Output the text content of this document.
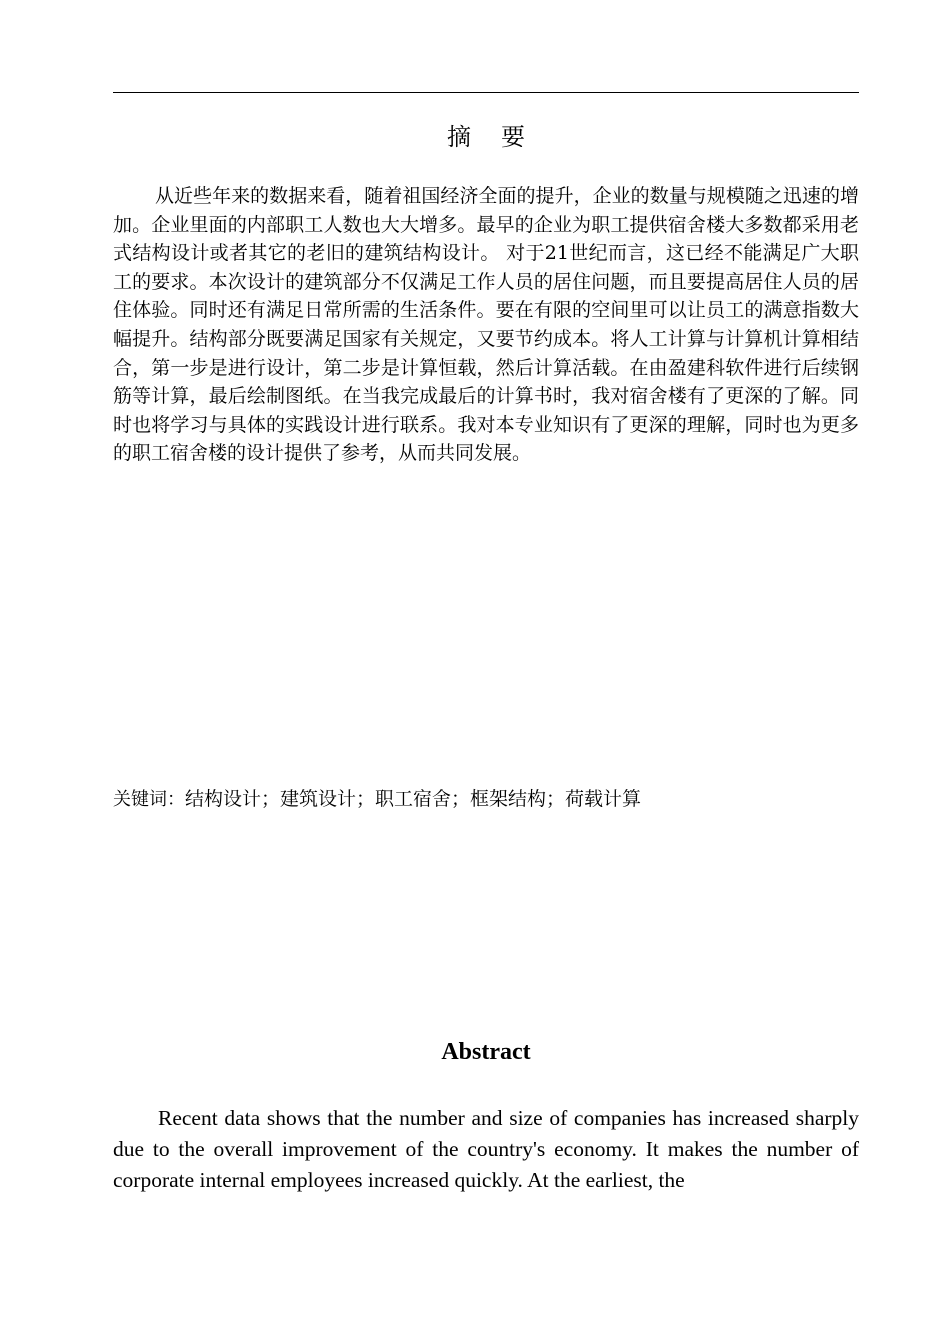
摘 要

从近些年来的数据来看，随着祖国经济全面的提升，企业的数量与规模随之迅速的增加。企业里面的内部职工人数也大大增多。最早的企业为职工提供宿舍楼大多数都采用老式结构设计或者其它的老旧的建筑结构设计。 对于21世纪而言，这已经不能满足广大职工的要求。本次设计的建筑部分不仅满足工作人员的居住问题，而且要提高居住人员的居住体验。同时还有满足日常所需的生活条件。要在有限的空间里可以让员工的满意指数大幅提升。结构部分既要满足国家有关规定，又要节约成本。将人工计算与计算机计算相结合，第一步是进行设计，第二步是计算恒载，然后计算活载。在由盈建科软件进行后续钢筋等计算，最后绘制图纸。在当我完成最后的计算书时，我对宿舍楼有了更深的了解。同时也将学习与具体的实践设计进行联系。我对本专业知识有了更深的理解，同时也为更多的职工宿舍楼的设计提供了参考，从而共同发展。

关键词：结构设计；建筑设计；职工宿舍；框架结构；荷载计算

Abstract

Recent data shows that the number and size of companies has increased sharply due to the overall improvement of the country's economy. It makes the number of corporate internal employees increased quickly. At the earliest, the
